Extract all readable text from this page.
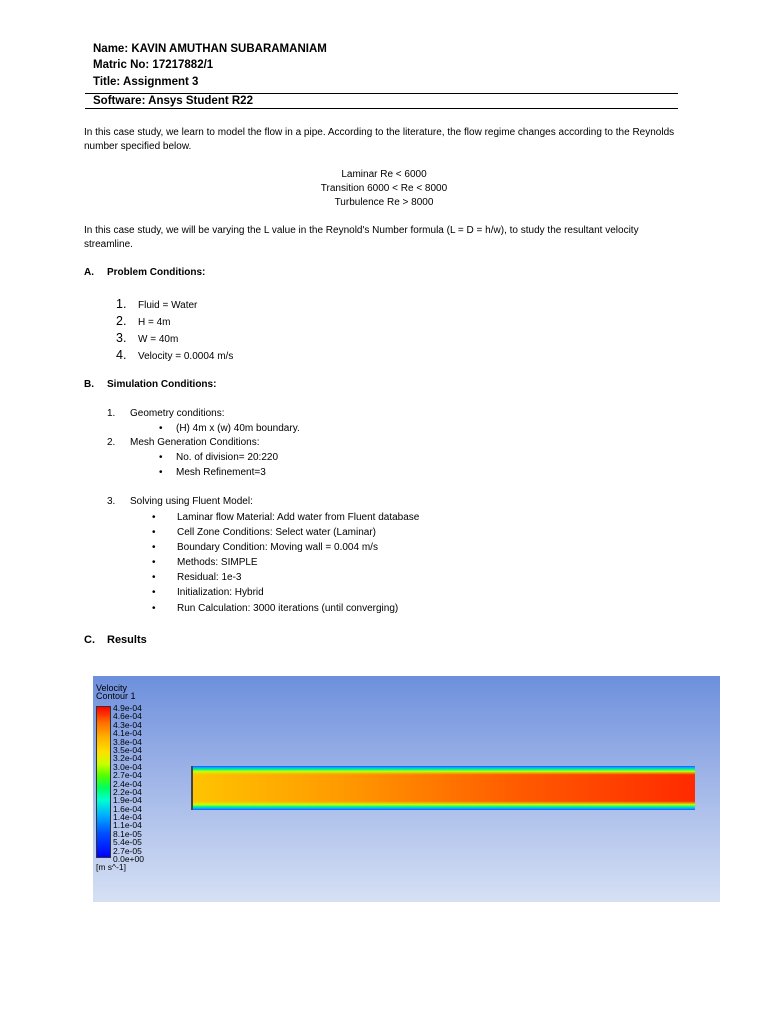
Name: KAVIN AMUTHAN SUBARAMANIAM
Matric No: 17217882/1
Title: Assignment 3
Software: Ansys Student R22
In this case study, we learn to model the flow in a pipe. According to the literature, the flow regime changes according to the Reynolds number specified below.
Laminar Re < 6000
Transition 6000 < Re < 8000
Turbulence Re > 8000
In this case study, we will be varying the L value in the Reynold's Number formula (L = D = h/w), to study the resultant velocity streamline.
A. Problem Conditions:
1. Fluid = Water
2. H = 4m
3. W = 40m
4. Velocity = 0.0004 m/s
B. Simulation Conditions:
1. Geometry conditions:
• (H) 4m x (w) 40m boundary.
2. Mesh Generation Conditions:
• No. of division= 20:220
• Mesh Refinement=3
3. Solving using Fluent Model:
• Laminar flow Material: Add water from Fluent database
• Cell Zone Conditions: Select water (Laminar)
• Boundary Condition: Moving wall = 0.004 m/s
• Methods: SIMPLE
• Residual: 1e-3
• Initialization: Hybrid
• Run Calculation: 3000 iterations (until converging)
C. Results
Velocity
Contour 1
4.9e-04
4.6e-04
4.3e-04
4.1e-04
3.8e-04
3.5e-04
3.2e-04
3.0e-04
2.7e-04
2.4e-04
2.2e-04
1.9e-04
1.6e-04
1.4e-04
1.1e-04
8.1e-05
5.4e-05
2.7e-05
0.0e+00
[m s^-1]
